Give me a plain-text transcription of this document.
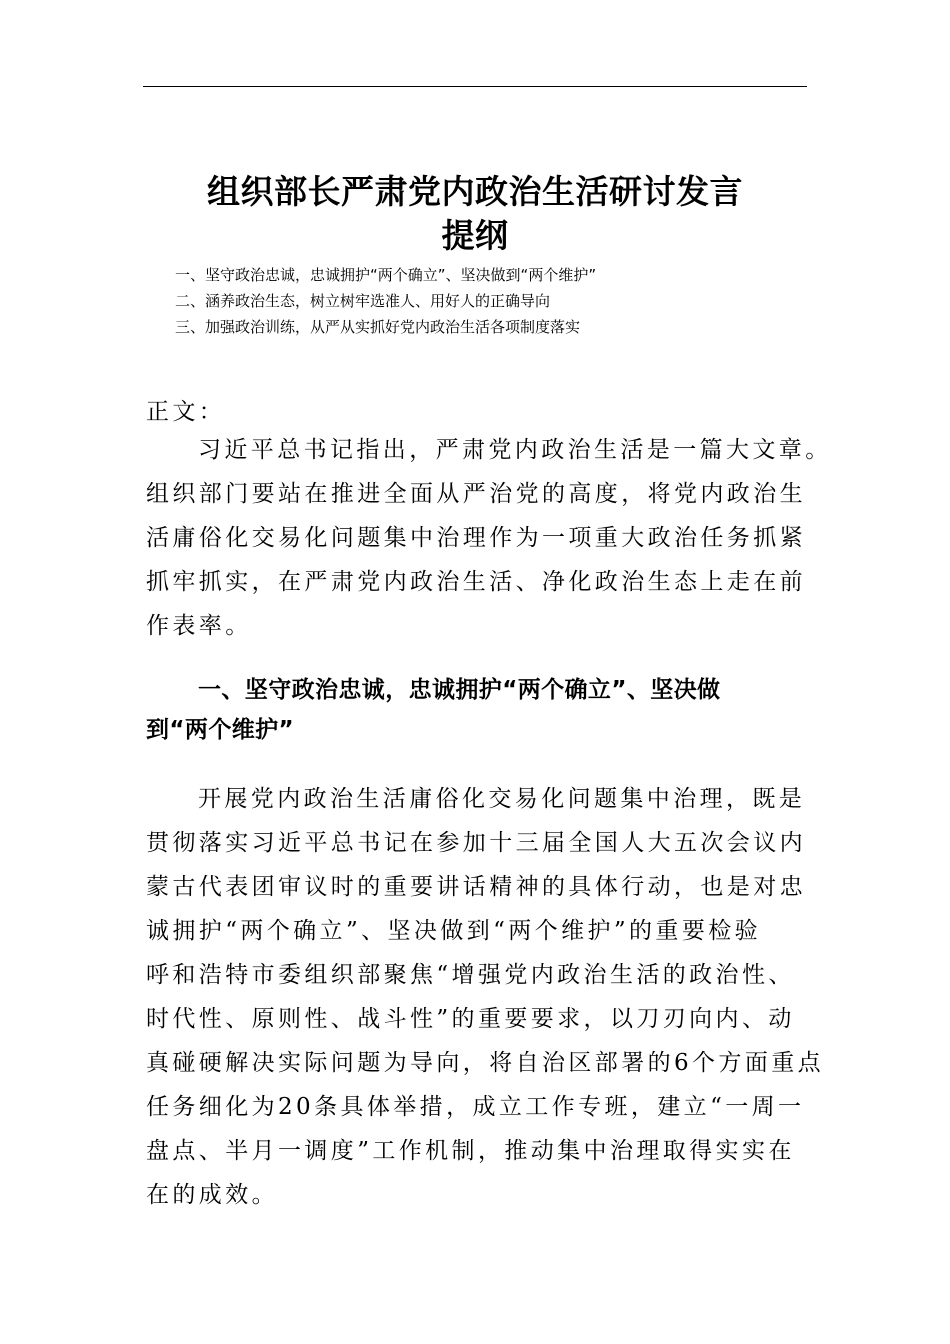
组织部长严肃党内政治生活研讨发言
提纲
一、坚守政治忠诚，忠诚拥护“两个确立”、坚决做到“两个维护”
二、涵养政治生态，树立树牢选准人、用好人的正确导向
三、加强政治训练，从严从实抓好党内政治生活各项制度落实
正文：
习近平总书记指出，严肃党内政治生活是一篇大文章。
组织部门要站在推进全面从严治党的高度，将党内政治生
活庸俗化交易化问题集中治理作为一项重大政治任务抓紧
抓牢抓实，在严肃党内政治生活、净化政治生态上走在前
作表率。
一、坚守政治忠诚，忠诚拥护“两个确立”、坚决做
到“两个维护”
开展党内政治生活庸俗化交易化问题集中治理，既是
贯彻落实习近平总书记在参加十三届全国人大五次会议内
蒙古代表团审议时的重要讲话精神的具体行动，也是对忠
诚拥护“两个确立”、坚决做到“两个维护”的重要检验
呼和浩特市委组织部聚焦“增强党内政治生活的政治性、
时代性、原则性、战斗性”的重要要求，以刀刃向内、动
真碰硬解决实际问题为导向，将自治区部署的6个方面重点
任务细化为20条具体举措，成立工作专班，建立“一周一
盘点、半月一调度”工作机制，推动集中治理取得实实在
在的成效。
